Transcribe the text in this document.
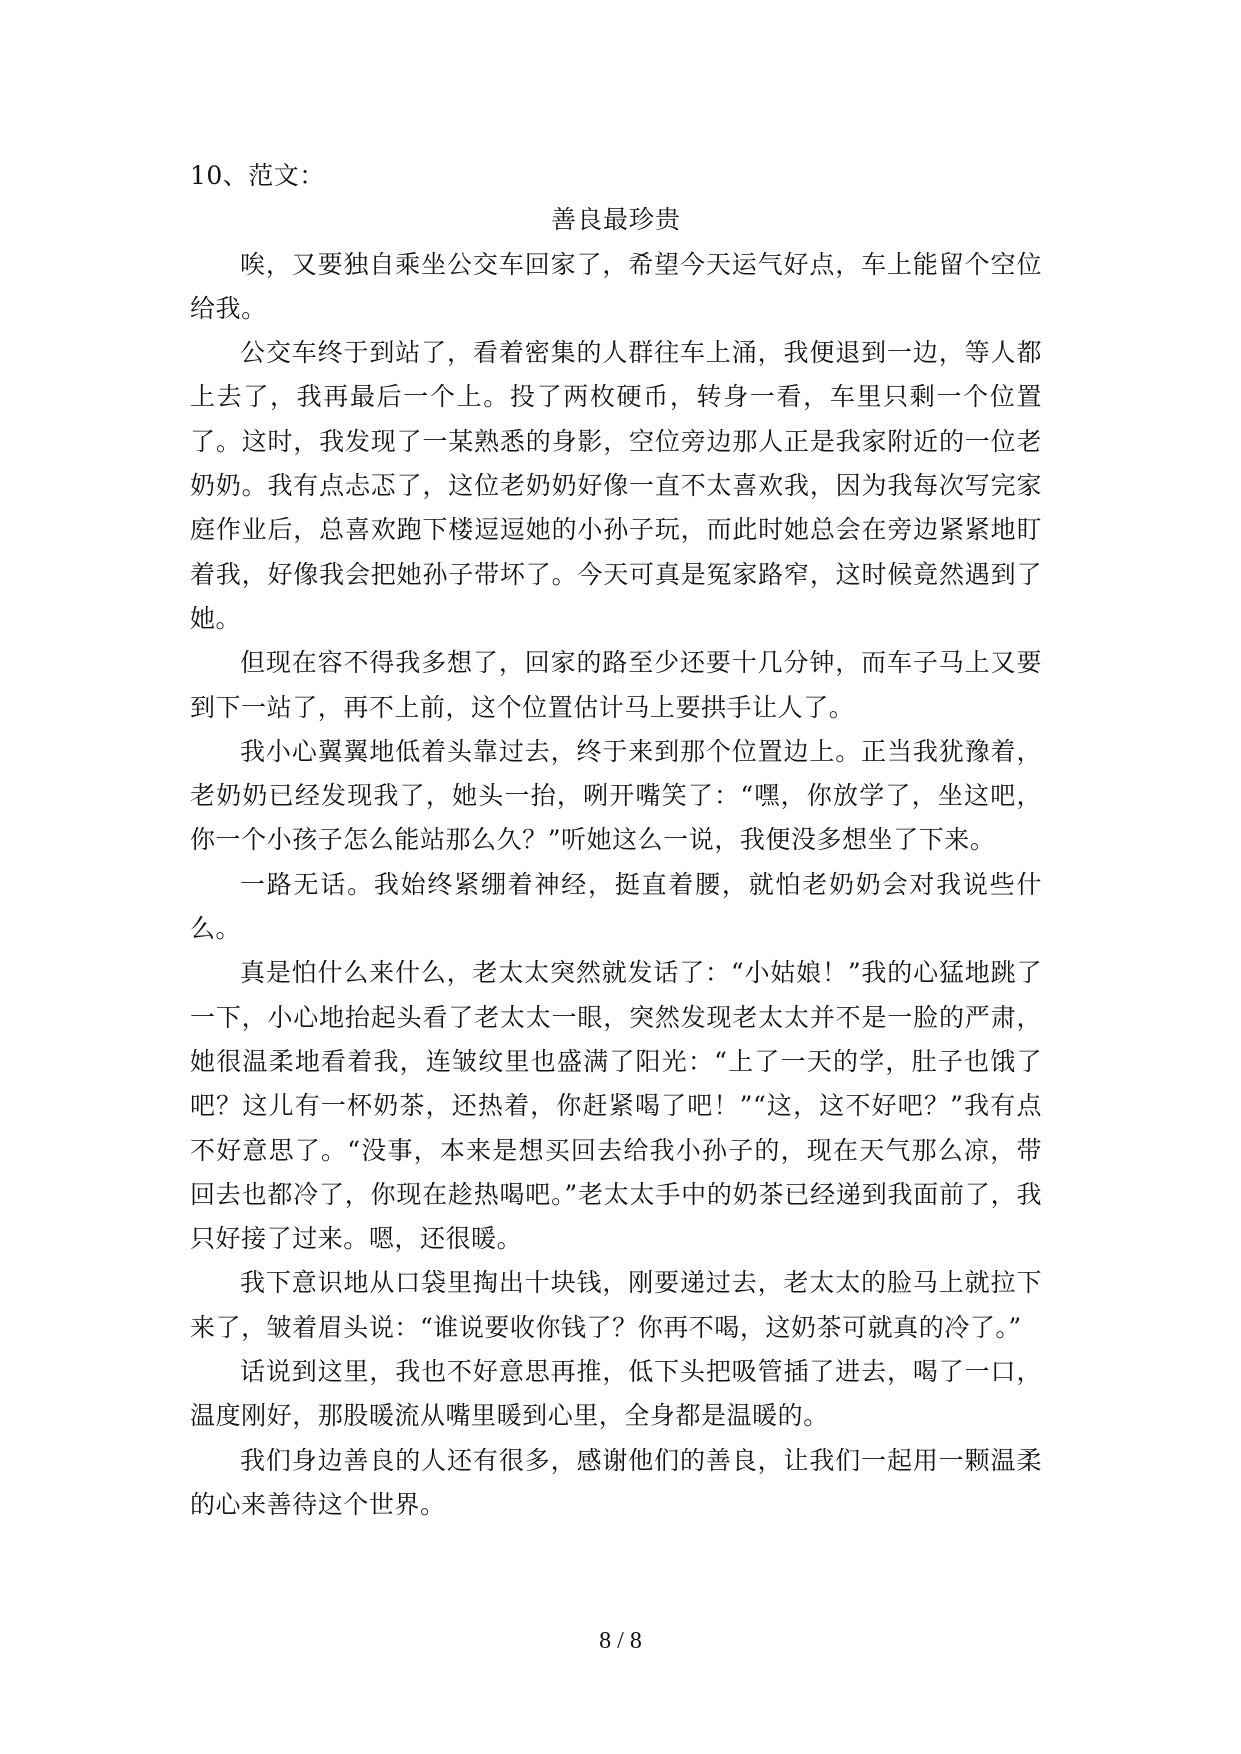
10、范文：

善良最珍贵

唉，又要独自乘坐公交车回家了，希望今天运气好点，车上能留个空位给我。

公交车终于到站了，看着密集的人群往车上涌，我便退到一边，等人都上去了，我再最后一个上。投了两枚硬币，转身一看，车里只剩一个位置了。这时，我发现了一某熟悉的身影，空位旁边那人正是我家附近的一位老奶奶。我有点忐忑了，这位老奶奶好像一直不太喜欢我，因为我每次写完家庭作业后，总喜欢跑下楼逗逗她的小孙子玩，而此时她总会在旁边紧紧地盯着我，好像我会把她孙子带坏了。今天可真是冤家路窄，这时候竟然遇到了她。

但现在容不得我多想了，回家的路至少还要十几分钟，而车子马上又要到下一站了，再不上前，这个位置估计马上要拱手让人了。

我小心翼翼地低着头靠过去，终于来到那个位置边上。正当我犹豫着，老奶奶已经发现我了，她头一抬，咧开嘴笑了：“嘿，你放学了，坐这吧，你一个小孩子怎么能站那么久？”听她这么一说，我便没多想坐了下来。

一路无话。我始终紧绷着神经，挺直着腰，就怕老奶奶会对我说些什么。

真是怕什么来什么，老太太突然就发话了：“小姑娘！”我的心猛地跳了一下，小心地抬起头看了老太太一眼，突然发现老太太并不是一脸的严肃，她很温柔地看着我，连皱纹里也盛满了阳光：“上了一天的学，肚子也饿了吧？这儿有一杯奶茶，还热着，你赶紧喝了吧！”“这，这不好吧？”我有点不好意思了。“没事，本来是想买回去给我小孙子的，现在天气那么凉，带回去也都冷了，你现在趁热喝吧。”老太太手中的奶茶已经递到我面前了，我只好接了过来。嗯，还很暖。

我下意识地从口袋里掏出十块钱，刚要递过去，老太太的脸马上就拉下来了，皱着眉头说：“谁说要收你钱了？你再不喝，这奶茶可就真的冷了。”

话说到这里，我也不好意思再推，低下头把吸管插了进去，喝了一口，温度刚好，那股暖流从嘴里暖到心里，全身都是温暖的。

我们身边善良的人还有很多，感谢他们的善良，让我们一起用一颗温柔的心来善待这个世界。

8 / 8
